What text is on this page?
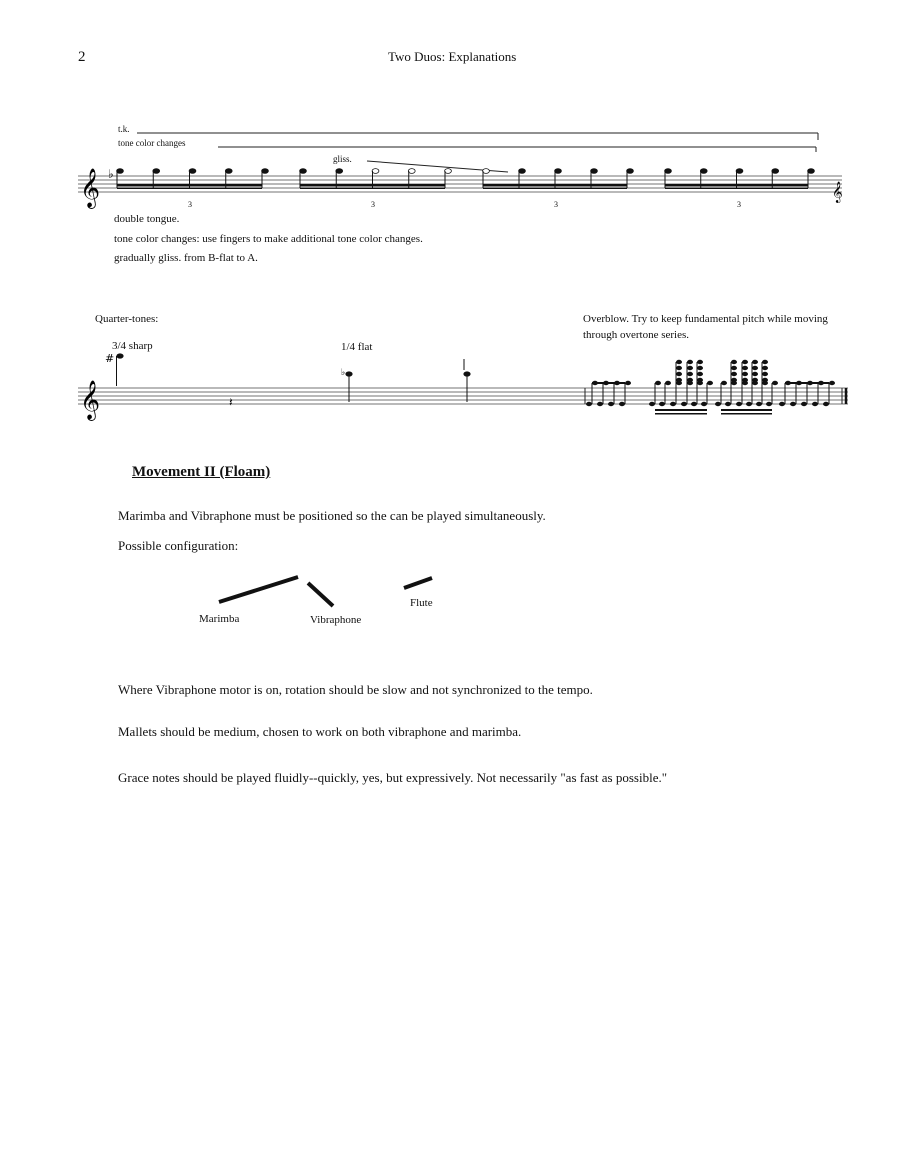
2	Two Duos: Explanations
t.k.
tone color changes
gliss.
𝄞	𝄞
♭
3	3	3	3
double tongue.
tone color changes: use fingers to make additional tone color changes.
gradually gliss. from B-flat to A.
Quarter-tones:
3/4 sharp	1/4 flat
Overblow. Try to keep fundamental pitch while moving
through overtone series.
𝄞
#
𝄽
♭
Movement II (Floam)
Marimba and Vibraphone must be positioned so the can be played simultaneously.
Possible configuration:
Marimba	Vibraphone
Flute
Where Vibraphone motor is on, rotation should be slow and not synchronized to the tempo.
Mallets should be medium, chosen to work on both vibraphone and marimba.
Grace notes should be played fluidly--quickly, yes, but expressively. Not necessarily "as fast as possible."
